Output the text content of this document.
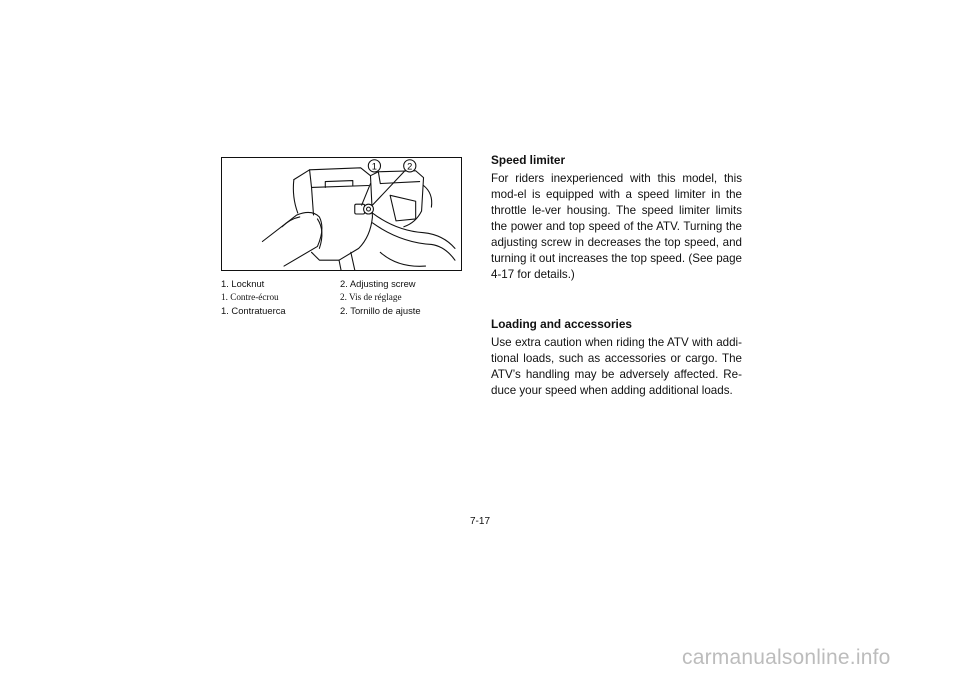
1	2
1. Locknut	2. Adjusting screw
1. Contre-écrou	2. Vis de réglage
1. Contratuerca	2. Tornillo de ajuste

Speed limiter

For riders inexperienced with this model, this mod-el is equipped with a speed limiter in the throttle le-ver housing. The speed limiter limits the power and top speed of the ATV. Turning the adjusting screw in decreases the top speed, and turning it out increases the top speed. (See page 4-17 for details.)

Loading and accessories

Use extra caution when riding the ATV with addi-tional loads, such as accessories or cargo. The ATV’s handling may be adversely affected. Re-duce your speed when adding additional loads.

7-17
carmanualsonline.info
